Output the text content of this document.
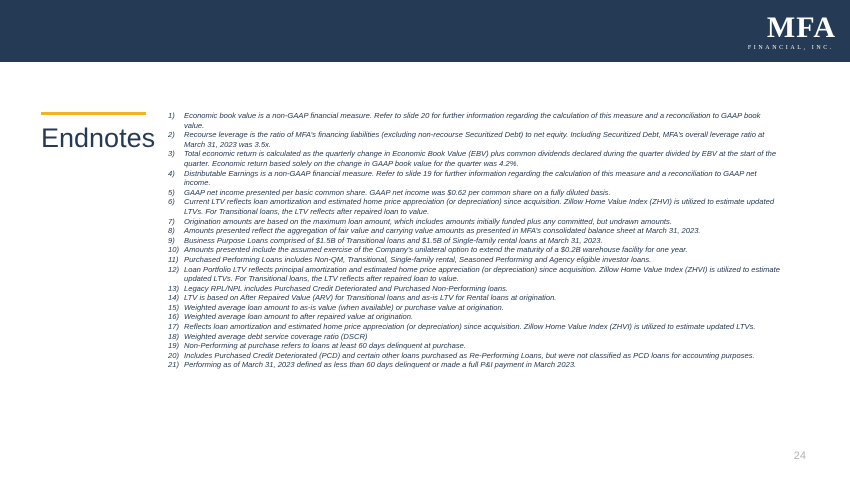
MFA
FINANCIAL, INC.
Endnotes
1)	Economic book value is a non-GAAP financial measure. Refer to slide 20 for further information regarding the calculation of this measure and a reconciliation to GAAP book value.
2)	Recourse leverage is the ratio of MFA’s financing liabilities (excluding non-recourse Securitized Debt) to net equity. Including Securitized Debt, MFA’s overall leverage ratio at March 31, 2023 was 3.5x.
3)	Total economic return is calculated as the quarterly change in Economic Book Value (EBV) plus common dividends declared during the quarter divided by EBV at the start of the quarter. Economic return based solely on the change in GAAP book value for the quarter was 4.2%.
4)	Distributable Earnings is a non-GAAP financial measure. Refer to slide 19 for further information regarding the calculation of this measure and a reconciliation to GAAP net income.
5)	GAAP net income presented per basic common share. GAAP net income was $0.62 per common share on a fully diluted basis.
6)	Current LTV reflects loan amortization and estimated home price appreciation (or depreciation) since acquisition. Zillow Home Value Index (ZHVI) is utilized to estimate updated LTVs. For Transitional loans, the LTV reflects after repaired loan to value.
7)	Origination amounts are based on the maximum loan amount, which includes amounts initially funded plus any committed, but undrawn amounts.
8)	Amounts presented reflect the aggregation of fair value and carrying value amounts as presented in MFA’s consolidated balance sheet at March 31, 2023.
9)	Business Purpose Loans comprised of $1.5B of Transitional loans and $1.5B of Single-family rental loans at March 31, 2023.
10) Amounts presented include the assumed exercise of the Company’s unilateral option to extend the maturity of a $0.2B warehouse facility for one year.
11) Purchased Performing Loans includes Non-QM, Transitional, Single-family rental, Seasoned Performing and Agency eligible investor loans.
12) Loan Portfolio LTV reflects principal amortization and estimated home price appreciation (or depreciation) since acquisition. Zillow Home Value Index (ZHVI) is utilized to estimate updated LTVs. For Transitional loans, the LTV reflects after repaired loan to value.
13) Legacy RPL/NPL includes Purchased Credit Deteriorated and Purchased Non-Performing loans.
14) LTV is based on After Repaired Value (ARV) for Transitional loans and as-is LTV for Rental loans at origination.
15) Weighted average loan amount to as-is value (when available) or purchase value at origination.
16) Weighted average loan amount to after repaired value at origination.
17) Reflects loan amortization and estimated home price appreciation (or depreciation) since acquisition. Zillow Home Value Index (ZHVI) is utilized to estimate updated LTVs.
18) Weighted average debt service coverage ratio (DSCR)
19) Non-Performing at purchase refers to loans at least 60 days delinquent at purchase.
20) Includes Purchased Credit Deteriorated (PCD) and certain other loans purchased as Re-Performing Loans, but were not classified as PCD loans for accounting purposes.
21) Performing as of March 31, 2023 defined as less than 60 days delinquent or made a full P&I payment in March 2023.
24
